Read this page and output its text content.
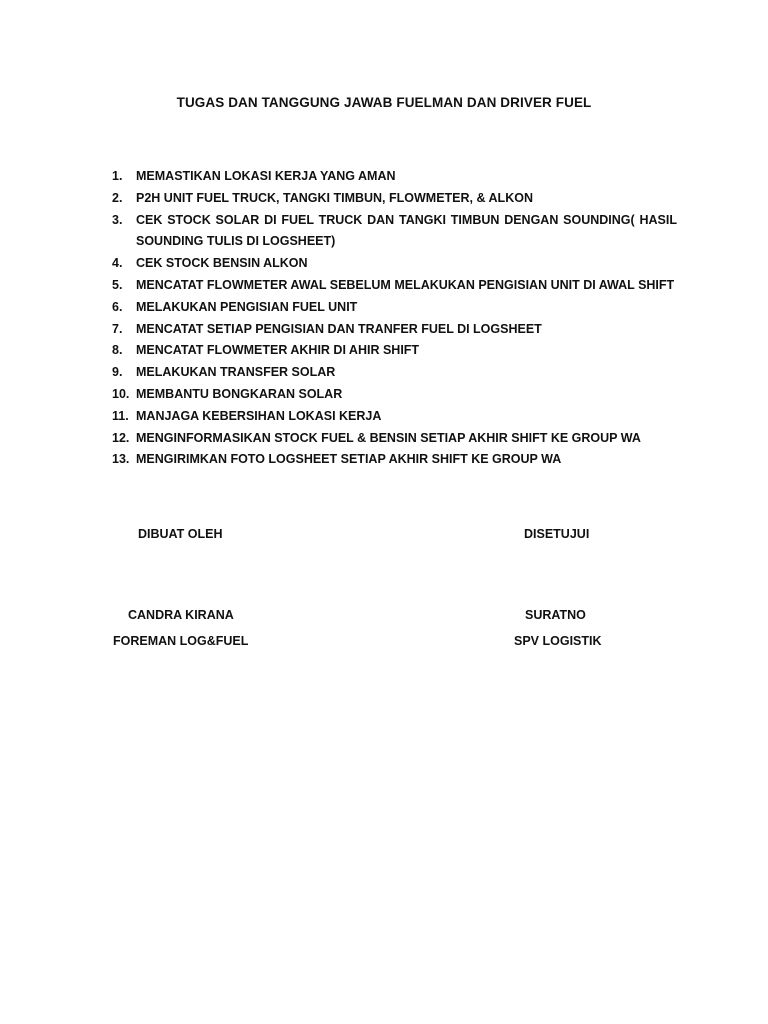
TUGAS DAN TANGGUNG JAWAB FUELMAN DAN DRIVER FUEL
1.	MEMASTIKAN LOKASI KERJA YANG AMAN
2.	P2H UNIT FUEL TRUCK, TANGKI TIMBUN, FLOWMETER, & ALKON
3.	CEK STOCK SOLAR DI FUEL TRUCK DAN TANGKI TIMBUN DENGAN SOUNDING( HASIL SOUNDING TULIS DI LOGSHEET)
4.	CEK STOCK BENSIN ALKON
5.	MENCATAT FLOWMETER AWAL SEBELUM MELAKUKAN PENGISIAN UNIT DI AWAL SHIFT
6.	MELAKUKAN PENGISIAN FUEL UNIT
7.	MENCATAT SETIAP PENGISIAN DAN TRANFER FUEL DI LOGSHEET
8.	MENCATAT FLOWMETER AKHIR DI AHIR SHIFT
9.	MELAKUKAN TRANSFER SOLAR
10. MEMBANTU BONGKARAN SOLAR
11. MANJAGA KEBERSIHAN LOKASI KERJA
12. MENGINFORMASIKAN STOCK FUEL & BENSIN SETIAP AKHIR SHIFT KE GROUP WA
13. MENGIRIMKAN FOTO LOGSHEET SETIAP AKHIR SHIFT KE GROUP WA
DIBUAT OLEH	DISETUJUI
CANDRA KIRANA	SURATNO
FOREMAN LOG&FUEL	SPV LOGISTIK
